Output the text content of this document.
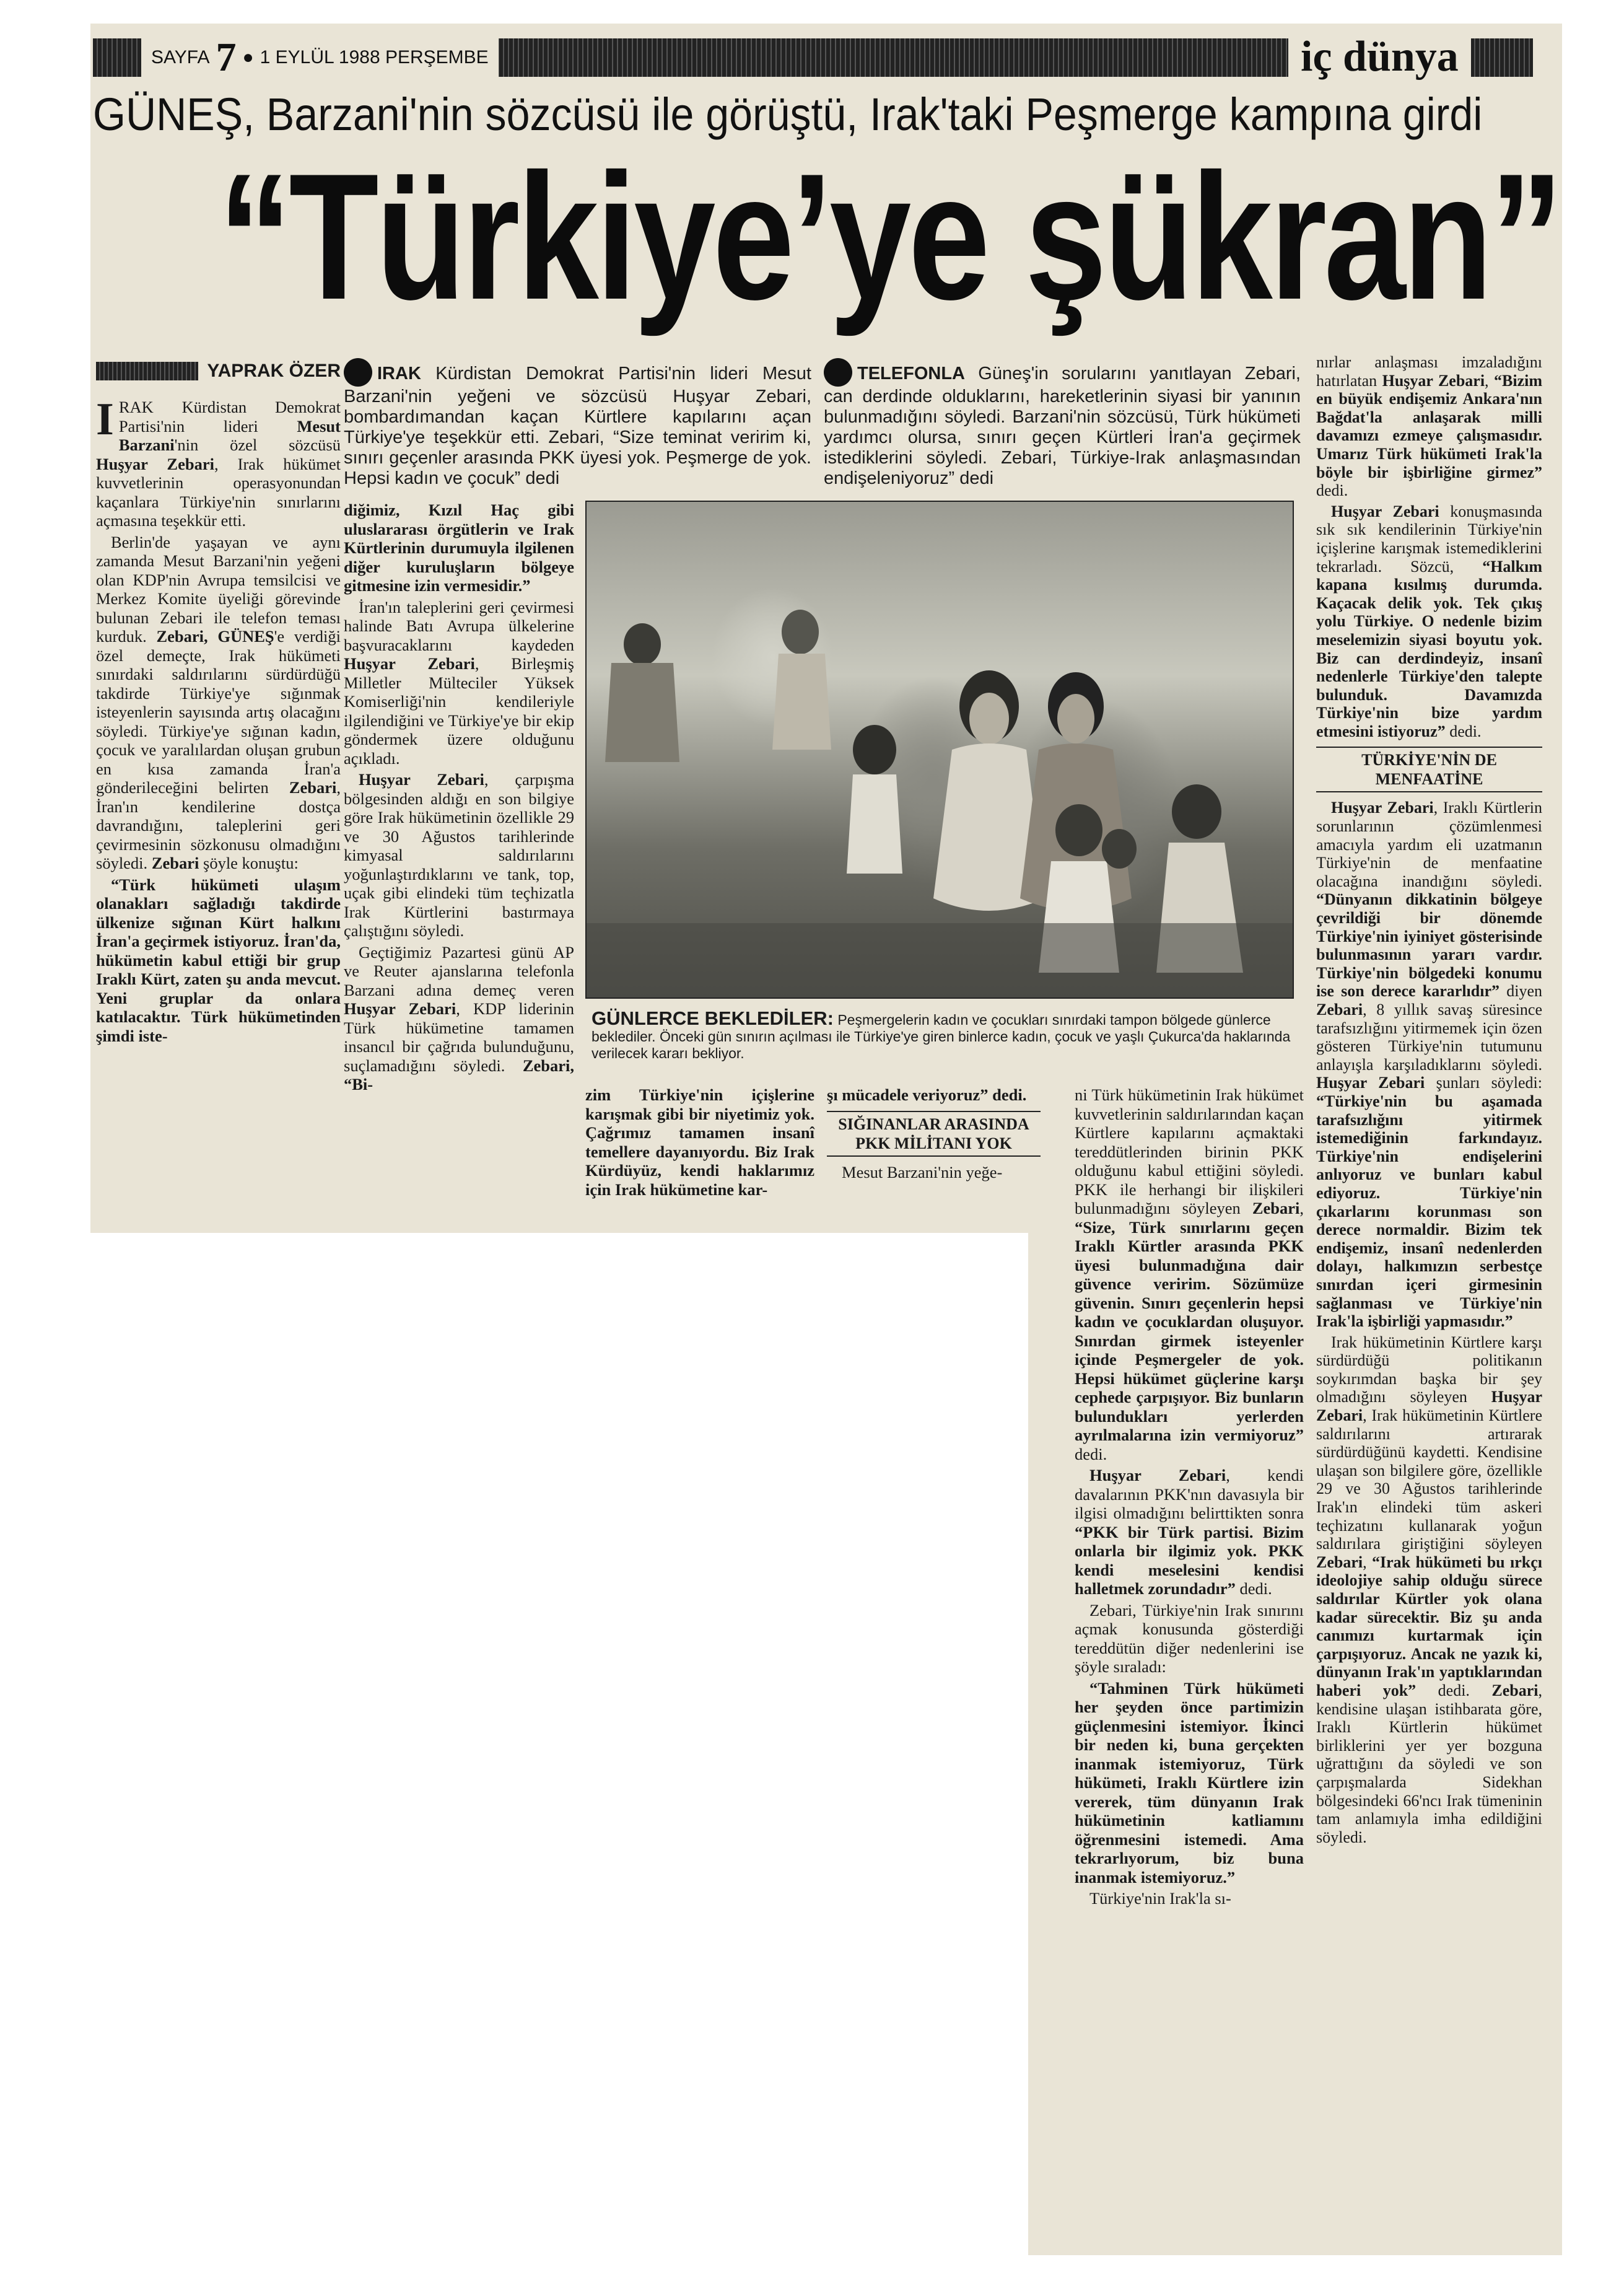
SAYFA 7 ● 1 EYLÜL 1988 PERŞEMBE	iç dünya
GÜNEŞ, Barzani'nin sözcüsü ile görüştü, Irak'taki Peşmerge kampına girdi
“Türkiye’ye şükran”
YAPRAK ÖZER

IRAK Kürdistan Demokrat Partisi'nin lideri Mesut Barzani'nin özel sözcüsü Huşyar Zebari, Irak hükümet kuvvetlerinin operasyonundan kaçanlara Türkiye'nin sınırlarını açmasına teşekkür etti.

Berlin'de yaşayan ve aynı zamanda Mesut Barzani'nin yeğeni olan KDP'nin Avrupa temsilcisi ve Merkez Komite üyeliği görevinde bulunan Zebari ile telefon teması kurduk. Zebari, GÜNEŞ'e verdiği özel demeçte, Irak hükümeti sınırdaki saldırılarını sürdürdüğü takdirde Türkiye'ye sığınmak isteyenlerin sayısında artış olacağını söyledi. Türkiye'ye sığınan kadın, çocuk ve yaralılardan oluşan grubun en kısa zamanda İran'a gönderileceğini belirten Zebari, İran'ın kendilerine dostça davrandığını, taleplerini geri çevirmesinin sözkonusu olmadığını söyledi. Zebari şöyle konuştu:

“Türk hükümeti ulaşım olanakları sağladığı takdirde ülkenize sığınan Kürt halkını İran'a geçirmek istiyoruz. İran'da, hükümetin kabul ettiği bir grup Iraklı Kürt, zaten şu anda mevcut. Yeni gruplar da onlara katılacaktır. Türk hükümetinden şimdi iste-

IRAK Kürdistan Demokrat Partisi'nin lideri Mesut Barzani'nin yeğeni ve sözcüsü Huşyar Zebari, bombardımandan kaçan Kürtlere kapılarını açan Türkiye'ye teşekkür etti. Zebari, “Size teminat veririm ki, sınırı geçenler arasında PKK üyesi yok. Peşmerge de yok. Hepsi kadın ve çocuk” dedi
TELEFONLA Güneş'in sorularını yanıtlayan Zebari, can derdinde olduklarını, hareketlerinin siyasi bir yanının bulunmadığını söyledi. Barzani'nin sözcüsü, Türk hükümeti yardımcı olursa, sınırı geçen Kürtleri İran'a geçirmek istediklerini söyledi. Zebari, Türkiye-Irak anlaşmasından endişeleniyoruz” dedi

diğimiz, Kızıl Haç gibi uluslararası örgütlerin ve Irak Kürtlerinin durumuyla ilgilenen diğer kuruluşların bölgeye gitmesine izin vermesidir.”

İran'ın taleplerini geri çevirmesi halinde Batı Avrupa ülkelerine başvuracaklarını kaydeden Huşyar Zebari, Birleşmiş Milletler Mülteciler Yüksek Komiserliği'nin kendileriyle ilgilendiğini ve Türkiye'ye bir ekip göndermek üzere olduğunu açıkladı.

Huşyar Zebari, çarpışma bölgesinden aldığı en son bilgiye göre Irak hükümetinin özellikle 29 ve 30 Ağustos tarihlerinde kimyasal saldırılarını yoğunlaştırdıklarını ve tank, top, uçak gibi elindeki tüm teçhizatla Irak Kürtlerini bastırmaya çalıştığını söyledi.

Geçtiğimiz Pazartesi günü AP ve Reuter ajanslarına telefonla Barzani adına demeç veren Huşyar Zebari, KDP liderinin Türk hükümetine tamamen insancıl bir çağrıda bulunduğunu, suçlamadığını söyledi. Zebari, “Bi-

GÜNLERCE BEKLEDİLER: Peşmergelerin kadın ve çocukları sınırdaki tampon bölgede günlerce beklediler. Önceki gün sınırın açılması ile Türkiye'ye giren binlerce kadın, çocuk ve yaşlı Çukurca'da haklarında verilecek kararı bekliyor.

zim Türkiye'nin içişlerine karışmak gibi bir niyetimiz yok. Çağrımız tamamen insanî temellere dayanıyordu. Biz Irak Kürdüyüz, kendi haklarımız için Irak hükümetine kar-

şı mücadele veriyoruz” dedi.

SIĞINANLAR ARASINDA PKK MİLİTANI YOK

Mesut Barzani'nin yeğe-

ni Türk hükümetinin Irak hükümet kuvvetlerinin saldırılarından kaçan Kürtlere kapılarını açmaktaki tereddütlerinden birinin PKK olduğunu kabul ettiğini söyledi. PKK ile herhangi bir ilişkileri bulunmadığını söyleyen Zebari, “Size, Türk sınırlarını geçen Iraklı Kürtler arasında PKK üyesi bulunmadığına dair güvence veririm. Sözümüze güvenin. Sınırı geçenlerin hepsi kadın ve çocuklardan oluşuyor. Sınırdan girmek isteyenler içinde Peşmergeler de yok. Hepsi hükümet güçlerine karşı cephede çarpışıyor. Biz bunların bulundukları yerlerden ayrılmalarına izin vermiyoruz” dedi.

Huşyar Zebari, kendi davalarının PKK'nın davasıyla bir ilgisi olmadığını belirttikten sonra “PKK bir Türk partisi. Bizim onlarla bir ilgimiz yok. PKK kendi meselesini kendisi halletmek zorundadır” dedi.

Zebari, Türkiye'nin Irak sınırını açmak konusunda gösterdiği tereddütün diğer nedenlerini ise şöyle sıraladı:

“Tahminen Türk hükümeti her şeyden önce partimizin güçlenmesini istemiyor. İkinci bir neden ki, buna gerçekten inanmak istemiyoruz, Türk hükümeti, Iraklı Kürtlere izin vererek, tüm dünyanın Irak hükümetinin katliamını öğrenmesini istemedi. Ama tekrarlıyorum, biz buna inanmak istemiyoruz.”

Türkiye'nin Irak'la sı-

nırlar anlaşması imzaladığını hatırlatan Huşyar Zebari, “Bizim en büyük endişemiz Ankara'nın Bağdat'la anlaşarak milli davamızı ezmeye çalışmasıdır. Umarız Türk hükümeti Irak'la böyle bir işbirliğine girmez” dedi.

Huşyar Zebari konuşmasında sık sık kendilerinin Türkiye'nin içişlerine karışmak istemediklerini tekrarladı. Sözcü, “Halkım kapana kısılmış durumda. Kaçacak delik yok. Tek çıkış yolu Türkiye. O nedenle bizim meselemizin siyasi boyutu yok. Biz can derdindeyiz, insanî nedenlerle Türkiye'den talepte bulunduk. Davamızda Türkiye'nin bize yardım etmesini istiyoruz” dedi.

TÜRKİYE'NİN DE MENFAATİNE

Huşyar Zebari, Iraklı Kürtlerin sorunlarının çözümlenmesi amacıyla yardım eli uzatmanın Türkiye'nin de menfaatine olacağına inandığını söyledi. “Dünyanın dikkatinin bölgeye çevrildiği bir dönemde Türkiye'nin iyiniyet gösterisinde bulunmasının yararı vardır. Türkiye'nin bölgedeki konumu ise son derece kararlıdır” diyen Zebari, 8 yıllık savaş süresince tarafsızlığını yitirmemek için özen gösteren Türkiye'nin tutumunu anlayışla karşıladıklarını söyledi. Huşyar Zebari şunları söyledi: “Türkiye'nin bu aşamada tarafsızlığını yitirmek istemediğinin farkındayız. Türkiye'nin endişelerini anlıyoruz ve bunları kabul ediyoruz. Türkiye'nin çıkarlarını korunması son derece normaldir. Bizim tek endişemiz, insanî nedenlerden dolayı, halkımızın serbestçe sınırdan içeri girmesinin sağlanması ve Türkiye'nin Irak'la işbirliği yapmasıdır.”

Irak hükümetinin Kürtlere karşı sürdürdüğü politikanın soykırımdan başka bir şey olmadığını söyleyen Huşyar Zebari, Irak hükümetinin Kürtlere saldırılarını artırarak sürdürdüğünü kaydetti. Kendisine ulaşan son bilgilere göre, özellikle 29 ve 30 Ağustos tarihlerinde Irak'ın elindeki tüm askeri teçhizatını kullanarak yoğun saldırılara giriştiğini söyleyen Zebari, “Irak hükümeti bu ırkçı ideolojiye sahip olduğu sürece saldırılar Kürtler yok olana kadar sürecektir. Biz şu anda canımızı kurtarmak için çarpışıyoruz. Ancak ne yazık ki, dünyanın Irak'ın yaptıklarından haberi yok” dedi. Zebari, kendisine ulaşan istihbarata göre, Iraklı Kürtlerin hükümet birliklerini yer yer bozguna uğrattığını da söyledi ve son çarpışmalarda Sidekhan bölgesindeki 66'ncı Irak tümeninin tam anlamıyla imha edildiğini söyledi.
